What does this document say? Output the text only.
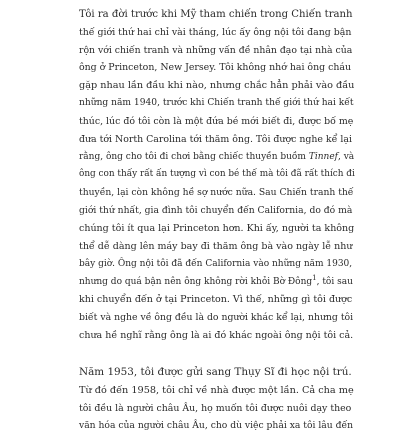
Tôi ra đời trước khi Mỹ tham chiến trong Chiến tranh
thế giới thứ hai chỉ vài tháng, lúc ấy ông nội tôi đang bận
rộn với chiến tranh và những vấn đề nhân đạo tại nhà của
ông ở Princeton, New Jersey. Tôi không nhớ hai ông cháu
gặp nhau lần đầu khi nào, nhưng chắc hẳn phải vào đầu
những năm 1940, trước khi Chiến tranh thế giới thứ hai kết
thúc, lúc đó tôi còn là một đứa bé mới biết đi, được bố mẹ
đưa tới North Carolina tới thăm ông. Tôi được nghe kể lại
rằng, ông cho tôi đi chơi bằng chiếc thuyền buồm Tinnef, và
ông con thấy rất ấn tượng vì con bé thế mà tôi đã rất thích đi
thuyền, lại còn không hề sợ nước nữa. Sau Chiến tranh thế
giới thứ nhất, gia đình tôi chuyển đến California, do đó mà
chúng tôi ít qua lại Princeton hơn. Khi ấy, người ta không
thể dễ dàng lên máy bay đi thăm ông bà vào ngày lễ như
bây giờ. Ông nội tôi đã đến California vào những năm 1930,
nhưng do quá bận nên ông không rời khỏi Bờ Đông$^1$, tôi sau
khi chuyển đến ở tại Princeton. Vì thế, những gì tôi được
biết và nghe về ông đều là do người khác kể lại, nhưng tôi
chưa hề nghĩ rằng ông là ai đó khác ngoài ông nội tôi cả.

Năm 1953, tôi được gửi sang Thụy Sĩ đi học nội trú.
Từ đó đến 1958, tôi chỉ về nhà được một lần. Cả cha mẹ
tôi đều là người châu Âu, họ muốn tôi được nuôi dạy theo
văn hóa của người châu Âu, cho dù việc phải xa tôi lâu đến
